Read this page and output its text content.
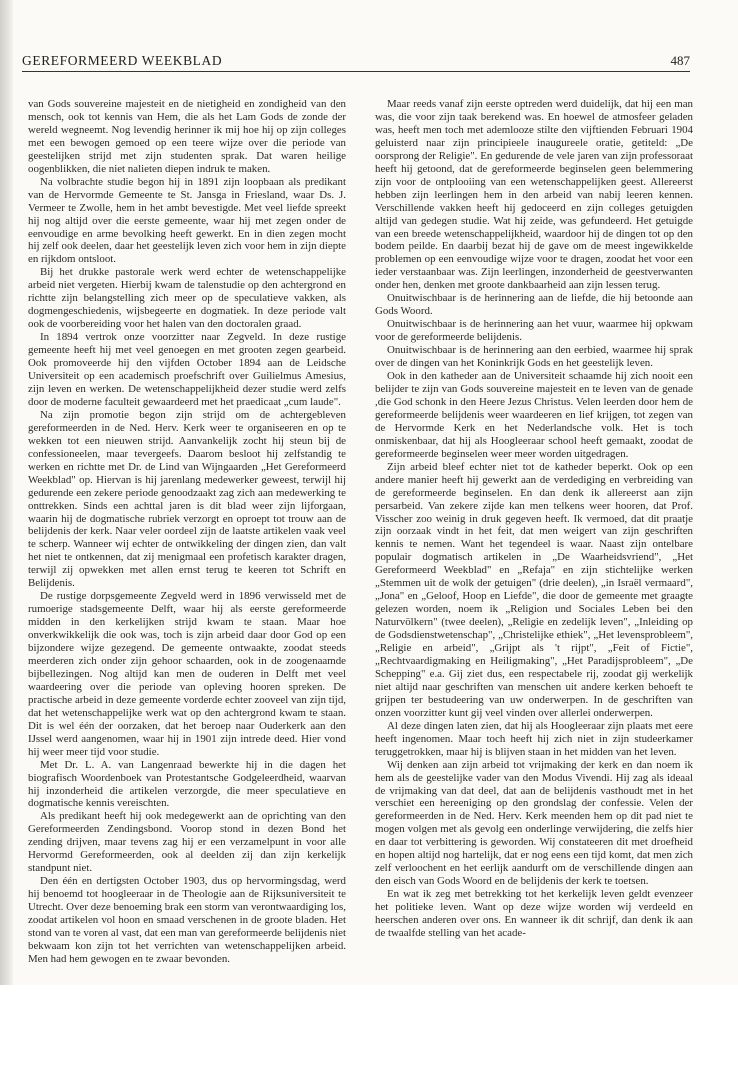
GEREFORMEERD WEEKBLAD	487

van Gods souvereine majesteit en de nietigheid en zondigheid van den mensch, ook tot kennis van Hem, die als het Lam Gods de zonde der wereld wegneemt. Nog levendig herinner ik mij hoe hij op zijn colleges met een bewogen gemoed op een teere wijze over die periode van geestelijken strijd met zijn studenten sprak. Dat waren heilige oogenblikken, die niet nalieten diepen indruk te maken.

Na volbrachte studie begon hij in 1891 zijn loopbaan als predikant van de Hervormde Gemeente te St. Jansga in Friesland, waar Ds. J. Vermeer te Zwolle, hem in het ambt bevestigde. Met veel liefde spreekt hij nog altijd over die eerste gemeente, waar hij met zegen onder de eenvoudige en arme bevolking heeft gewerkt. En in dien zegen mocht hij zelf ook deelen, daar het geestelijk leven zich voor hem in zijn diepte en rijkdom ontsloot.

Bij het drukke pastorale werk werd echter de wetenschappelijke arbeid niet vergeten. Hierbij kwam de talenstudie op den achtergrond en richtte zijn belangstelling zich meer op de speculatieve vakken, als dogmengeschiedenis, wijsbegeerte en dogmatiek. In deze periode valt ook de voorbereiding voor het halen van den doctoralen graad.

In 1894 vertrok onze voorzitter naar Zegveld. In deze rustige gemeente heeft hij met veel genoegen en met grooten zegen gearbeid. Ook promoveerde hij den vijfden October 1894 aan de Leidsche Universiteit op een academisch proefschrift over Guilielmus Amesius, zijn leven en werken. De wetenschappelijkheid dezer studie werd zelfs door de moderne faculteit gewaardeerd met het praedicaat „cum laude".

Na zijn promotie begon zijn strijd om de achtergebleven gereformeerden in de Ned. Herv. Kerk weer te organiseeren en op te wekken tot een nieuwen strijd. Aanvankelijk zocht hij steun bij de confessioneelen, maar tevergeefs. Daarom besloot hij zelfstandig te werken en richtte met Dr. de Lind van Wijngaarden „Het Gereformeerd Weekblad" op. Hiervan is hij jarenlang medewerker geweest, terwijl hij gedurende een zekere periode genoodzaakt zag zich aan medewerking te onttrekken. Sinds een achttal jaren is dit blad weer zijn lijforgaan, waarin hij de dogmatische rubriek verzorgt en oproept tot trouw aan de belijdenis der kerk. Naar veler oordeel zijn de laatste artikelen vaak veel te scherp. Wanneer wij echter de ontwikkeling der dingen zien, dan valt het niet te ontkennen, dat zij menigmaal een profetisch karakter dragen, terwijl zij opwekken met allen ernst terug te keeren tot Schrift en Belijdenis.

De rustige dorpsgemeente Zegveld werd in 1896 verwisseld met de rumoerige stadsgemeente Delft, waar hij als eerste gereformeerde midden in den kerkelijken strijd kwam te staan. Maar hoe onverkwikkelijk die ook was, toch is zijn arbeid daar door God op een bijzondere wijze gezegend. De gemeente ontwaakte, zoodat steeds meerderen zich onder zijn gehoor schaarden, ook in de zoogenaamde bijbellezingen. Nog altijd kan men de ouderen in Delft met veel waardeering over die periode van opleving hooren spreken. De practische arbeid in deze gemeente vorderde echter zooveel van zijn tijd, dat het wetenschappelijke werk wat op den achtergrond kwam te staan. Dit is wel één der oorzaken, dat het beroep naar Ouderkerk aan den IJssel werd aangenomen, waar hij in 1901 zijn intrede deed. Hier vond hij weer meer tijd voor studie.

Met Dr. L. A. van Langenraad bewerkte hij in die dagen het biografisch Woordenboek van Protestantsche Godgeleerdheid, waarvan hij inzonderheid die artikelen verzorgde, die meer speculatieve en dogmatische kennis vereischten.

Als predikant heeft hij ook medegewerkt aan de oprichting van den Gereformeerden Zendingsbond. Voorop stond in dezen Bond het zending drijven, maar tevens zag hij er een verzamelpunt in voor alle Hervormd Gereformeerden, ook al deelden zij dan zijn kerkelijk standpunt niet.

Den één en dertigsten October 1903, dus op hervormingsdag, werd hij benoemd tot hoogleeraar in de Theologie aan de Rijksuniversiteit te Utrecht. Over deze benoeming brak een storm van verontwaardiging los, zoodat artikelen vol hoon en smaad verschenen in de groote bladen. Het stond van te voren al vast, dat een man van gereformeerde belijdenis niet bekwaam kon zijn tot het verrichten van wetenschappelijken arbeid. Men had hem gewogen en te zwaar bevonden.

Maar reeds vanaf zijn eerste optreden werd duidelijk, dat hij een man was, die voor zijn taak berekend was. En hoewel de atmosfeer geladen was, heeft men toch met ademlooze stilte den vijftienden Februari 1904 geluisterd naar zijn principieele inaugureele oratie, getiteld: „De oorsprong der Religie". En gedurende de vele jaren van zijn professoraat heeft hij getoond, dat de gereformeerde beginselen geen belemmering zijn voor de ontplooiing van een wetenschappelijken geest. Allereerst hebben zijn leerlingen hem in den arbeid van nabij leeren kennen. Verschillende vakken heeft hij gedoceerd en zijn colleges getuigden altijd van gedegen studie. Wat hij zeide, was gefundeerd. Het getuigde van een breede wetenschappelijkheid, waardoor hij de dingen tot op den bodem peilde. En daarbij bezat hij de gave om de meest ingewikkelde problemen op een eenvoudige wijze voor te dragen, zoodat het voor een ieder verstaanbaar was. Zijn leerlingen, inzonderheid de geestverwanten onder hen, denken met groote dankbaarheid aan zijn lessen terug.

Onuitwischbaar is de herinnering aan de liefde, die hij betoonde aan Gods Woord.

Onuitwischbaar is de herinnering aan het vuur, waarmee hij opkwam voor de gereformeerde belijdenis.

Onuitwischbaar is de herinnering aan den eerbied, waarmee hij sprak over de dingen van het Koninkrijk Gods en het geestelijk leven.

Ook in den katheder aan de Universiteit schaamde hij zich nooit een belijder te zijn van Gods souvereine majesteit en te leven van de genade ,die God schonk in den Heere Jezus Christus. Velen leerden door hem de gereformeerde belijdenis weer waardeeren en lief krijgen, tot zegen van de Hervormde Kerk en het Nederlandsche volk. Het is toch onmiskenbaar, dat hij als Hoogleeraar school heeft gemaakt, zoodat de gereformeerde beginselen weer meer worden uitgedragen.

Zijn arbeid bleef echter niet tot de katheder beperkt. Ook op een andere manier heeft hij gewerkt aan de verdediging en verbreiding van de gereformeerde beginselen. En dan denk ik allereerst aan zijn persarbeid. Van zekere zijde kan men telkens weer hooren, dat Prof. Visscher zoo weinig in druk gegeven heeft. Ik vermoed, dat dit praatje zijn oorzaak vindt in het feit, dat men weigert van zijn geschriften kennis te nemen. Want het tegendeel is waar. Naast zijn ontelbare populair dogmatisch artikelen in „De Waarheidsvriend", „Het Gereformeerd Weekblad" en „Refaja" en zijn stichtelijke werken „Stemmen uit de wolk der getuigen" (drie deelen), „in Israël vermaard", „Jona" en „Geloof, Hoop en Liefde", die door de gemeente met graagte gelezen worden, noem ik „Religion und Sociales Leben bei den Naturvölkern" (twee deelen), „Religie en zedelijk leven", „Inleiding op de Godsdienstwetenschap", „Christelijke ethiek", „Het levensprobleem", „Religie en arbeid", „Grijpt als 't rijpt", „Feit of Fictie", „Rechtvaardigmaking en Heiligmaking", „Het Paradijsprobleem", „De Schepping" e.a. Gij ziet dus, een respectabele rij, zoodat gij werkelijk niet altijd naar geschriften van menschen uit andere kerken behoeft te grijpen ter bestudeering van uw onderwerpen. In de geschriften van onzen voorzitter kunt gij veel vinden over allerlei onderwerpen.

Al deze dingen laten zien, dat hij als Hoogleeraar zijn plaats met eere heeft ingenomen. Maar toch heeft hij zich niet in zijn studeerkamer teruggetrokken, maar hij is blijven staan in het midden van het leven.

Wij denken aan zijn arbeid tot vrijmaking der kerk en dan noem ik hem als de geestelijke vader van den Modus Vivendi. Hij zag als ideaal de vrijmaking van dat deel, dat aan de belijdenis vasthoudt met in het verschiet een hereeniging op den grondslag der confessie. Velen der gereformeerden in de Ned. Herv. Kerk meenden hem op dit pad niet te mogen volgen met als gevolg een onderlinge verwijdering, die zelfs hier en daar tot verbittering is geworden. Wij constateeren dit met droefheid en hopen altijd nog hartelijk, dat er nog eens een tijd komt, dat men zich zelf verloochent en het eerlijk aandurft om de verschillende dingen aan den eisch van Gods Woord en de belijdenis der kerk te toetsen.

En wat ik zeg met betrekking tot het kerkelijk leven geldt evenzeer het politieke leven. Want op deze wijze worden wij verdeeld en heerschen anderen over ons. En wanneer ik dit schrijf, dan denk ik aan de twaalfde stelling van het acade-
